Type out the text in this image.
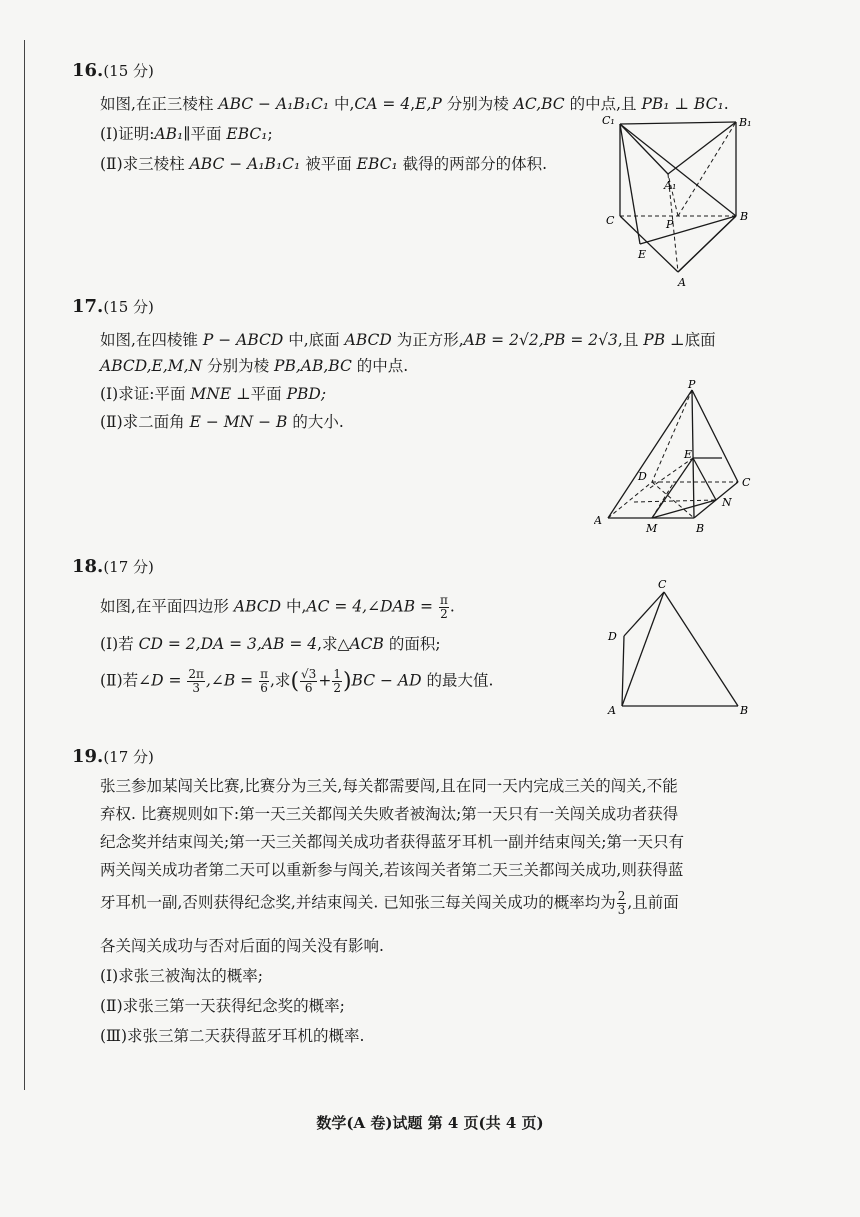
16.(15 分)
如图,在正三棱柱 ABC − A₁B₁C₁ 中,CA = 4,E,P 分别为棱 AC,BC 的中点,且 PB₁ ⊥ BC₁.
(Ⅰ)证明:AB₁∥平面 EBC₁;
(Ⅱ)求三棱柱 ABC − A₁B₁C₁ 被平面 EBC₁ 截得的两部分的体积.
C₁	B₁
A₁
C	B
P
E
A
17.(15 分)
如图,在四棱锥 P − ABCD 中,底面 ABCD 为正方形,AB = 2√2,PB = 2√3,且 PB ⊥底面
ABCD,E,M,N 分别为棱 PB,AB,BC 的中点.
(Ⅰ)求证:平面 MNE ⊥平面 PBD;
(Ⅱ)求二面角 E − MN − B 的大小.
P
E
D	C
N
A
M	B
18.(17 分)
如图,在平面四边形 ABCD 中,AC = 4,∠DAB = $\frac{\pi}{2}$ .
(Ⅰ)若 CD = 2,DA = 3,AB = 4,求△ACB 的面积;
(Ⅱ)若∠D = $\frac{2\pi}{3}$ ,∠B = $\frac{\pi}{6}$ ,求( $\frac{√3}{6} + \frac{1}{2} )BC$ − AD 的最大值.
C
D
A	B
19.(17 分)
张三参加某闯关比赛,比赛分为三关,每关都需要闯,且在同一天内完成三关的闯关,不能
弃权. 比赛规则如下:第一天三关都闯关失败者被淘汰;第一天只有一关闯关成功者获得
纪念奖并结束闯关;第一天三关都闯关成功者获得蓝牙耳机一副并结束闯关;第一天只有
两关闯关成功者第二天可以重新参与闯关,若该闯关者第二天三关都闯关成功,则获得蓝
牙耳机一副,否则获得纪念奖,并结束闯关. 已知张三每关闯关成功的概率均为 $\frac{2}{3}$ ,且前面
各关闯关成功与否对后面的闯关没有影响.
(Ⅰ)求张三被淘汰的概率;
(Ⅱ)求张三第一天获得纪念奖的概率;
(Ⅲ)求张三第二天获得蓝牙耳机的概率.
数学(A 卷)试题 第 4 页(共 4 页)
